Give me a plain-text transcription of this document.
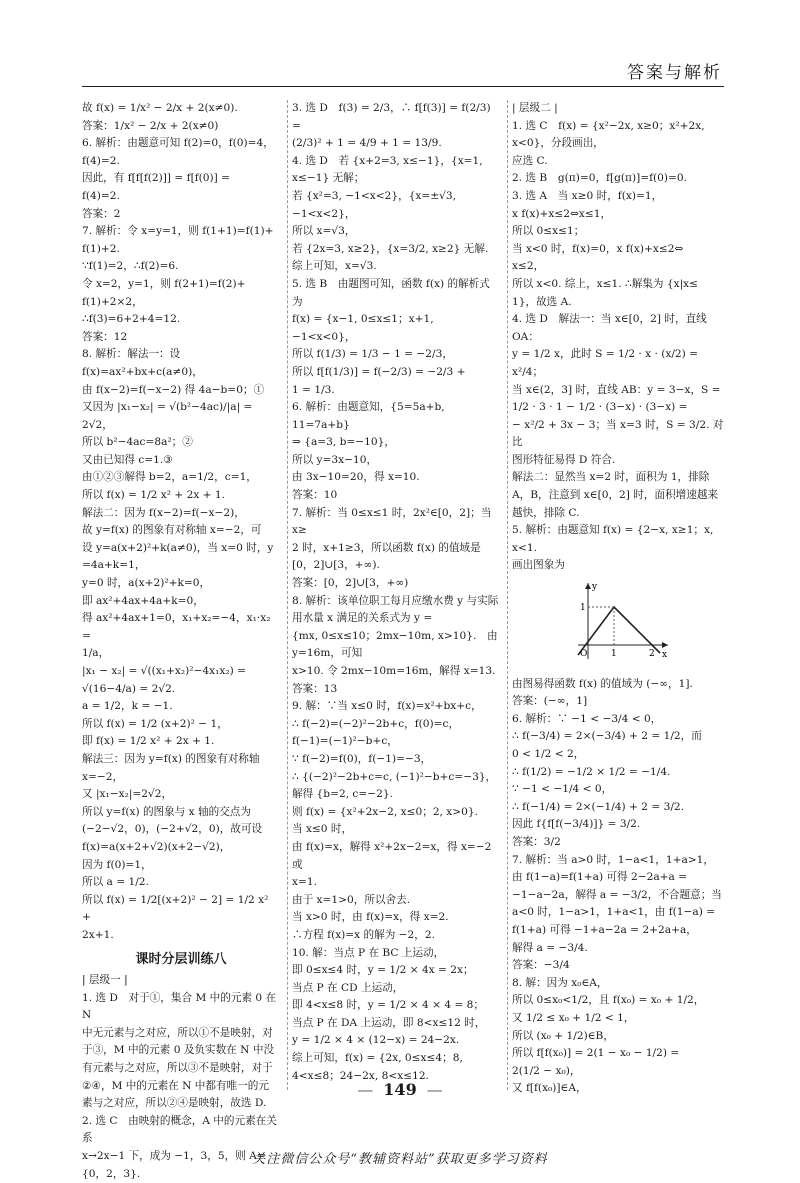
答案与解析

故 f(x) = 1/x² − 2/x + 2(x≠0).

答案：1/x² − 2/x + 2(x≠0)

6. 解析：由题意可知 f(2)=0，f(0)=4，

f(4)=2.

因此，有 f[f[f(2)]] = f[f(0)] =

f(4)=2.

答案：2

7. 解析：令 x=y=1，则 f(1+1)=f(1)+

f(1)+2.

∵f(1)=2，∴f(2)=6.

令 x=2，y=1，则 f(2+1)=f(2)+

f(1)+2×2，

∴f(3)=6+2+4=12.

答案：12

8. 解析：解法一：设 f(x)=ax²+bx+c(a≠0)，

由 f(x−2)=f(−x−2) 得 4a−b=0；①

又因为 |x₁−x₂| = √(b²−4ac)/|a| = 2√2，

所以 b²−4ac=8a²；②

又由已知得 c=1.③

由①②③解得 b=2，a=1/2，c=1，

所以 f(x) = 1/2 x² + 2x + 1.

解法二：因为 f(x−2)=f(−x−2)，

故 y=f(x) 的图象有对称轴 x=−2，可

设 y=a(x+2)²+k(a≠0)，当 x=0 时，y

=4a+k=1，

y=0 时，a(x+2)²+k=0，

即 ax²+4ax+4a+k=0，

得 ax²+4ax+1=0，x₁+x₂=−4，x₁·x₂ =

1/a，

|x₁ − x₂| = √((x₁+x₂)²−4x₁x₂) =

√(16−4/a) = 2√2.

a = 1/2，k = −1.

所以 f(x) = 1/2 (x+2)² − 1，

即 f(x) = 1/2 x² + 2x + 1.

解法三：因为 y=f(x) 的图象有对称轴

x=−2，

又 |x₁−x₂|=2√2，

所以 y=f(x) 的图象与 x 轴的交点为

(−2−√2，0)，(−2+√2，0)，故可设

f(x)=a(x+2+√2)(x+2−√2)，

因为 f(0)=1，

所以 a = 1/2.

所以 f(x) = 1/2[(x+2)² − 2] = 1/2 x² +

2x+1.

课时分层训练八

| 层级一 |

1. 选 D　对于①，集合 M 中的元素 0 在 N

中无元素与之对应，所以①不是映射，对

于③，M 中的元素 0 及负实数在 N 中没

有元素与之对应，所以③不是映射，对于

②④，M 中的元素在 N 中都有唯一的元

素与之对应，所以②④是映射，故选 D.

2. 选 C　由映射的概念，A 中的元素在关系

x→2x−1 下，成为 −1，3，5，则 A={0，2，3}.

3. 选 D　f(3) = 2/3，∴ f[f(3)] = f(2/3) =

(2/3)² + 1 = 4/9 + 1 = 13/9.

4. 选 D　若 {x+2=3, x≤−1}，{x=1, x≤−1} 无解；

若 {x²=3, −1<x<2}，{x=±√3, −1<x<2}，

所以 x=√3，

若 {2x=3, x≥2}，{x=3/2, x≥2} 无解.

综上可知，x=√3.

5. 选 B　由题图可知，函数 f(x) 的解析式为

f(x) = {x−1, 0≤x≤1；x+1, −1<x<0}，

所以 f(1/3) = 1/3 − 1 = −2/3，

所以 f[f(1/3)] = f(−2/3) = −2/3 +

1 = 1/3.

6. 解析：由题意知，{5=5a+b, 11=7a+b}

⇒ {a=3, b=−10}，

所以 y=3x−10，

由 3x−10=20，得 x=10.

答案：10

7. 解析：当 0≤x≤1 时，2x²∈[0，2]；当 x≥

2 时，x+1≥3，所以函数 f(x) 的值域是

[0，2]∪[3，+∞).

答案：[0，2]∪[3，+∞)

8. 解析：该单位职工每月应缴水费 y 与实际

用水量 x 满足的关系式为 y =

{mx, 0≤x≤10；2mx−10m, x>10}.　由 y=16m，可知

x>10. 令 2mx−10m=16m，解得 x=13.

答案：13

9. 解：∵当 x≤0 时，f(x)=x²+bx+c，

∴ f(−2)=(−2)²−2b+c，f(0)=c，

f(−1)=(−1)²−b+c，

∵ f(−2)=f(0)，f(−1)=−3，

∴ {(−2)²−2b+c=c, (−1)²−b+c=−3}，解得 {b=2, c=−2}.

则 f(x) = {x²+2x−2, x≤0；2, x>0}.

当 x≤0 时，

由 f(x)=x，解得 x²+2x−2=x，得 x=−2 或

x=1.

由于 x=1>0，所以舍去.

当 x>0 时，由 f(x)=x，得 x=2.

∴方程 f(x)=x 的解为 −2，2.

10. 解：当点 P 在 BC 上运动，

即 0≤x≤4 时，y = 1/2 × 4x = 2x；

当点 P 在 CD 上运动，

即 4<x≤8 时，y = 1/2 × 4 × 4 = 8；

当点 P 在 DA 上运动，即 8<x≤12 时，

y = 1/2 × 4 × (12−x) = 24−2x.

综上可知，f(x) = {2x, 0≤x≤4；8, 4<x≤8；24−2x, 8<x≤12.

| 层级二 |

1. 选 C　f(x) = {x²−2x, x≥0；x²+2x, x<0}，分段画出，

应选 C.

2. 选 B　g(π)=0，f[g(π)]=f(0)=0.

3. 选 A　当 x≥0 时，f(x)=1，

x f(x)+x≤2⇔x≤1，

所以 0≤x≤1；

当 x<0 时，f(x)=0，x f(x)+x≤2⇔

x≤2，

所以 x<0. 综上，x≤1. ∴解集为 {x|x≤

1}，故选 A.

4. 选 D　解法一：当 x∈[0，2] 时，直线 OA：

y = 1/2 x，此时 S = 1/2 · x · (x/2) = x²/4；

当 x∈(2，3] 时，直线 AB：y = 3−x，S =

1/2 · 3 · 1 − 1/2 · (3−x) · (3−x) =

− x²/2 + 3x − 3；当 x=3 时，S = 3/2. 对比

图形特征易得 D 符合.

解法二：显然当 x=2 时，面积为 1，排除

A，B，注意到 x∈[0，2] 时，面积增速越来

越快，排除 C.

5. 解析：由题意知 f(x) = {2−x, x≥1；x, x<1.

画出图象为

y
x
O	1	2
1

由图易得函数 f(x) 的值域为 (−∞，1].

答案：(−∞，1]

6. 解析：∵ −1 < −3/4 < 0，

∴ f(−3/4) = 2×(−3/4) + 2 = 1/2，而

0 < 1/2 < 2，

∴ f(1/2) = −1/2 × 1/2 = −1/4.

∵ −1 < −1/4 < 0，

∴ f(−1/4) = 2×(−1/4) + 2 = 3/2.

因此 f{f[f(−3/4)]} = 3/2.

答案：3/2

7. 解析：当 a>0 时，1−a<1，1+a>1，

由 f(1−a)=f(1+a) 可得 2−2a+a =

−1−a−2a，解得 a = −3/2，不合题意；当

a<0 时，1−a>1，1+a<1，由 f(1−a) =

f(1+a) 可得 −1+a−2a = 2+2a+a，

解得 a = −3/4.

答案：−3/4

8. 解：因为 x₀∈A，

所以 0≤x₀<1/2，且 f(x₀) = x₀ + 1/2，

又 1/2 ≤ x₀ + 1/2 < 1，

所以 (x₀ + 1/2)∈B，

所以 f[f(x₀)] = 2(1 − x₀ − 1/2) =

2(1/2 − x₀)，

又 f[f(x₀)]∈A，

— 149 —
关注微信公众号“教辅资料站”获取更多学习资料
